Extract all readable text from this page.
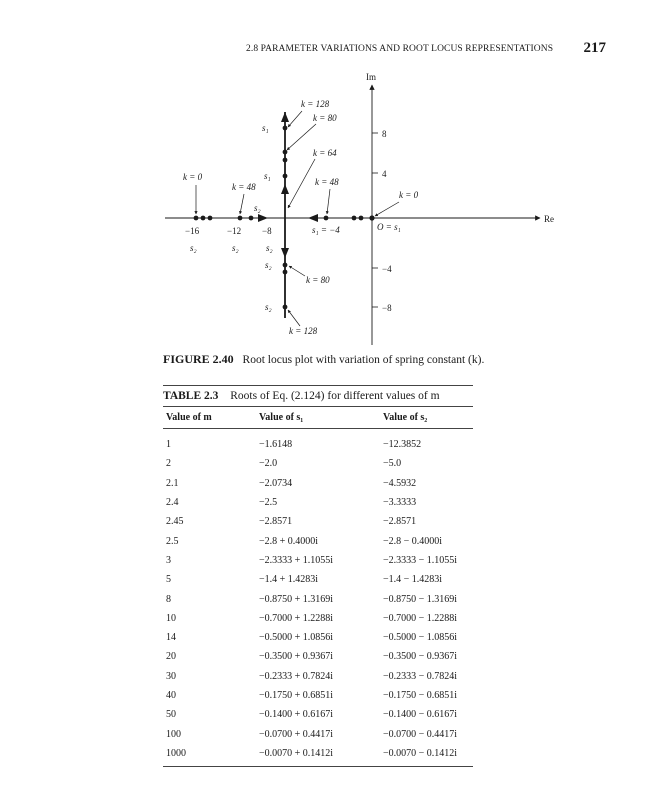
2.8 PARAMETER VARIATIONS AND ROOT LOCUS REPRESENTATIONS 217
Im
Re
8
4
−4
−8
−16	−12 −8
s₂	s₂	s₂
k = 128
k = 80
k = 64
k = 48
s₁
s₁
k = 0
k = 48
s₂
k = 0
s₁ = −4	O = s₁
s₂
k = 80
s₂
k = 128
FIGURE 2.40 Root locus plot with variation of spring constant (k).
TABLE 2.3 Roots of Eq. (2.124) for different values of m
Value of m	Value of s₁	Value of s₂
1	−1.6148	−12.3852
2	−2.0	−5.0
2.1	−2.0734	−4.5932
2.4	−2.5	−3.3333
2.45	−2.8571	−2.8571
2.5	−2.8 + 0.4000i	−2.8 − 0.4000i
3	−2.3333 + 1.1055i	−2.3333 − 1.1055i
5	−1.4 + 1.4283i	−1.4 − 1.4283i
8	−0.8750 + 1.3169i	−0.8750 − 1.3169i
10	−0.7000 + 1.2288i	−0.7000 − 1.2288i
14	−0.5000 + 1.0856i	−0.5000 − 1.0856i
20	−0.3500 + 0.9367i	−0.3500 − 0.9367i
30	−0.2333 + 0.7824i	−0.2333 − 0.7824i
40	−0.1750 + 0.6851i	−0.1750 − 0.6851i
50	−0.1400 + 0.6167i	−0.1400 − 0.6167i
100	−0.0700 + 0.4417i	−0.0700 − 0.4417i
1000	−0.0070 + 0.1412i	−0.0070 − 0.1412i
